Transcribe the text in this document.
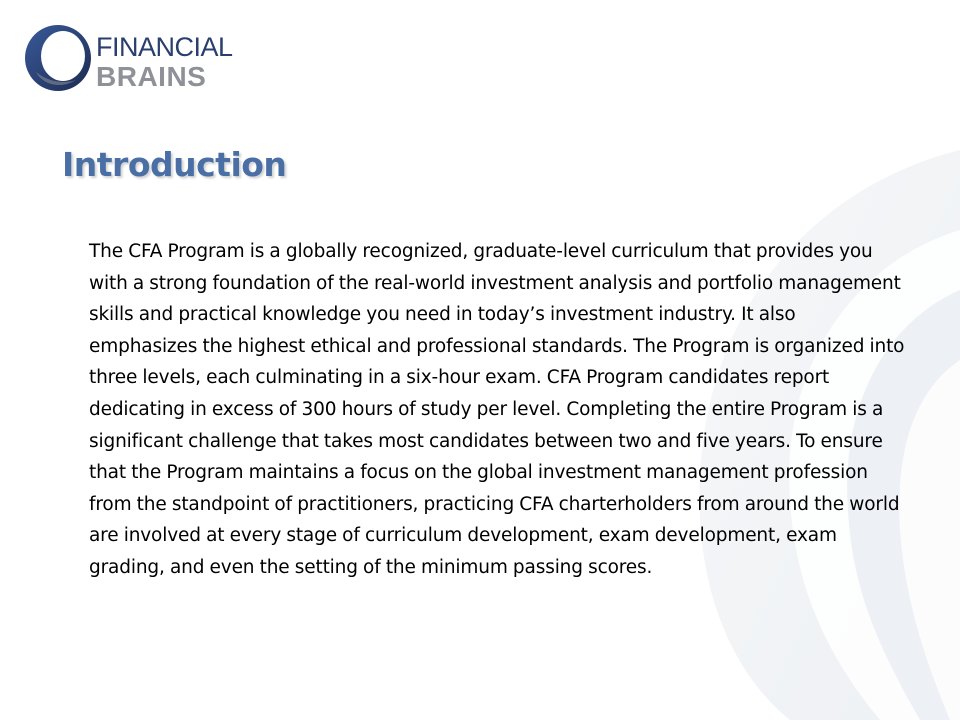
FINANCIAL
BRAINS
Introduction

The CFA Program is a globally recognized, graduate-level curriculum that provides you with a strong foundation of the real-world investment analysis and portfolio management skills and practical knowledge you need in today’s investment industry. It also emphasizes the highest ethical and professional standards. The Program is organized into three levels, each culminating in a six-hour exam. CFA Program candidates report dedicating in excess of 300 hours of study per level. Completing the entire Program is a significant challenge that takes most candidates between two and five years. To ensure that the Program maintains a focus on the global investment management profession from the standpoint of practitioners, practicing CFA charterholders from around the world are involved at every stage of curriculum development, exam development, exam grading, and even the setting of the minimum passing scores.
